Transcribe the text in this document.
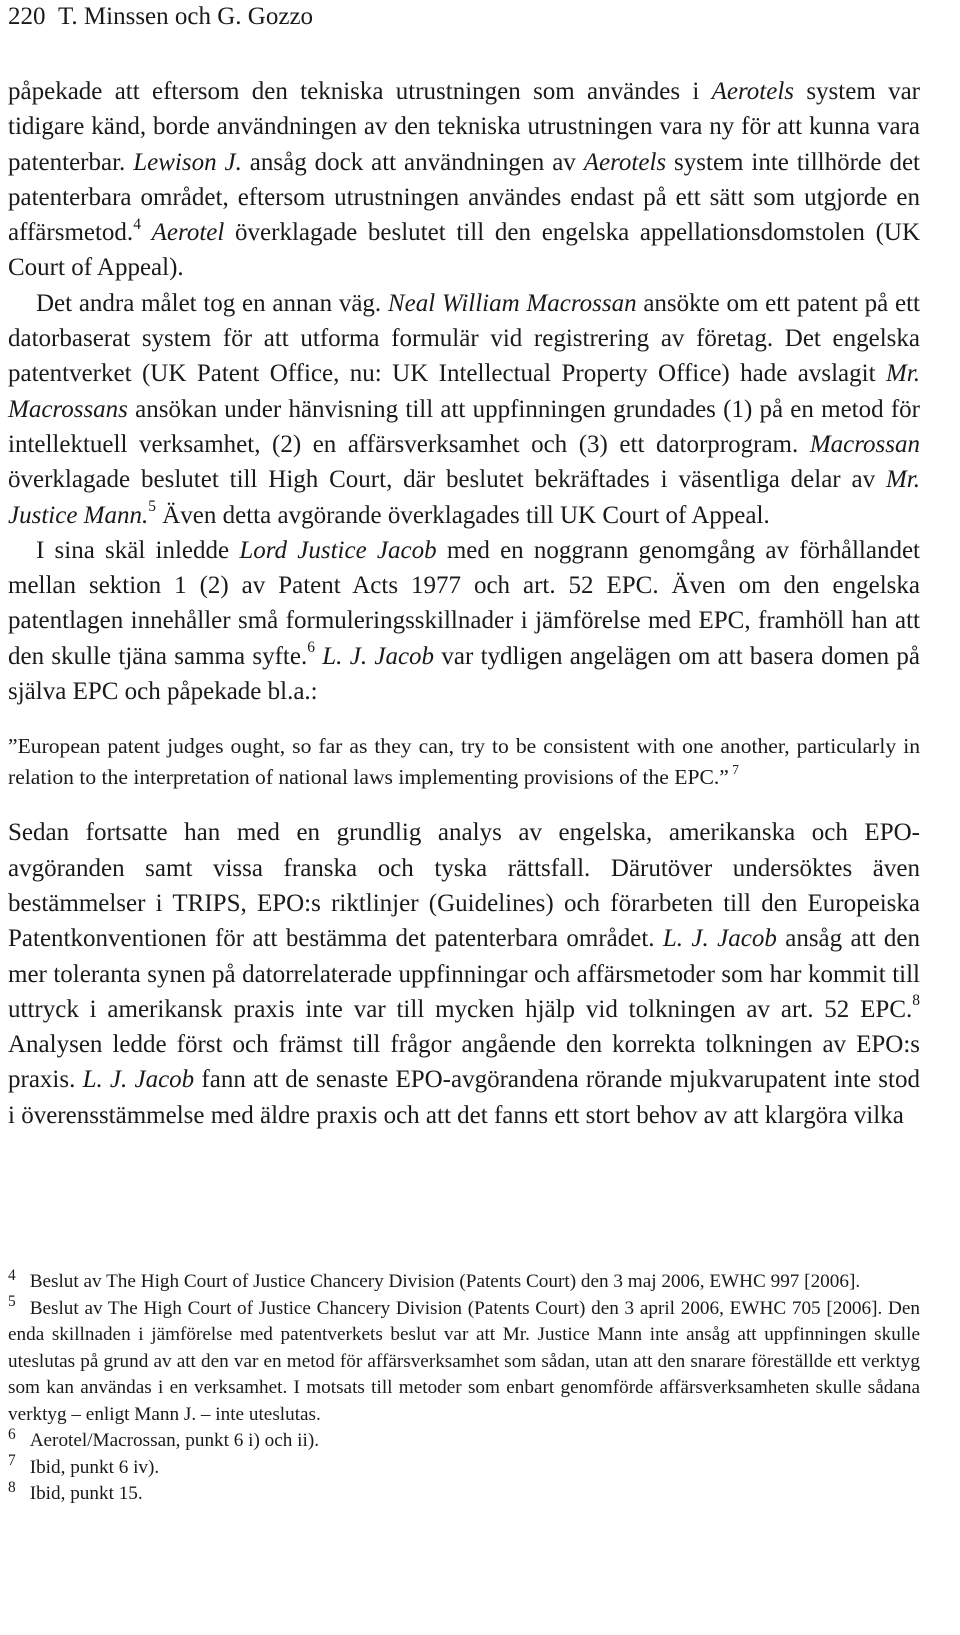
220 T. Minssen och G. Gozzo

påpekade att eftersom den tekniska utrustningen som användes i Aerotels system var tidigare känd, borde användningen av den tekniska utrustningen vara ny för att kunna vara patenterbar. Lewison J. ansåg dock att användningen av Aerotels system inte tillhörde det patenterbara området, eftersom utrustningen användes endast på ett sätt som utgjorde en affärsmetod.$^4$ Aerotel överklagade beslutet till den engelska appellationsdomstolen (UK Court of Appeal).

Det andra målet tog en annan väg. Neal William Macrossan ansökte om ett patent på ett datorbaserat system för att utforma formulär vid registrering av företag. Det engelska patentverket (UK Patent Office, nu: UK Intellectual Property Office) hade avslagit Mr. Macrossans ansökan under hänvisning till att uppfinningen grundades (1) på en metod för intellektuell verksamhet, (2) en affärsverksamhet och (3) ett datorprogram. Macrossan överklagade beslutet till High Court, där beslutet bekräftades i väsentliga delar av Mr. Justice Mann.$^5$ Även detta avgörande överklagades till UK Court of Appeal.

I sina skäl inledde Lord Justice Jacob med en noggrann genomgång av förhållandet mellan sektion 1 (2) av Patent Acts 1977 och art. 52 EPC. Även om den engelska patentlagen innehåller små formuleringsskillnader i jämförelse med EPC, framhöll han att den skulle tjäna samma syfte.$^6$ L. J. Jacob var tydligen angelägen om att basera domen på själva EPC och påpekade bl.a.:

”European patent judges ought, so far as they can, try to be consistent with one another, particularly in relation to the interpretation of national laws implementing provisions of the EPC.” $^7$

Sedan fortsatte han med en grundlig analys av engelska, amerikanska och EPO-avgöranden samt vissa franska och tyska rättsfall. Därutöver undersöktes även bestämmelser i TRIPS, EPO:s riktlinjer (Guidelines) och förarbeten till den Europeiska Patentkonventionen för att bestämma det patenterbara området. L. J. Jacob ansåg att den mer toleranta synen på datorrelaterade uppfinningar och affärsmetoder som har kommit till uttryck i amerikansk praxis inte var till mycken hjälp vid tolkningen av art. 52 EPC.$^8$ Analysen ledde först och främst till frågor angående den korrekta tolkningen av EPO:s praxis. L. J. Jacob fann att de senaste EPO-avgörandena rörande mjukvarupatent inte stod i överensstämmelse med äldre praxis och att det fanns ett stort behov av att klargöra vilka

$^4$ Beslut av The High Court of Justice Chancery Division (Patents Court) den 3 maj 2006, EWHC 997 [2006].

$^5$ Beslut av The High Court of Justice Chancery Division (Patents Court) den 3 april 2006, EWHC 705 [2006]. Den enda skillnaden i jämförelse med patentverkets beslut var att Mr. Justice Mann inte ansåg att uppfinningen skulle uteslutas på grund av att den var en metod för affärsverksamhet som sådan, utan att den snarare föreställde ett verktyg som kan användas i en verksamhet. I motsats till metoder som enbart genomförde affärsverksamheten skulle sådana verktyg – enligt Mann J. – inte uteslutas.

$^6$ Aerotel/Macrossan, punkt 6 i) och ii).

$^7$ Ibid, punkt 6 iv).

$^8$ Ibid, punkt 15.
